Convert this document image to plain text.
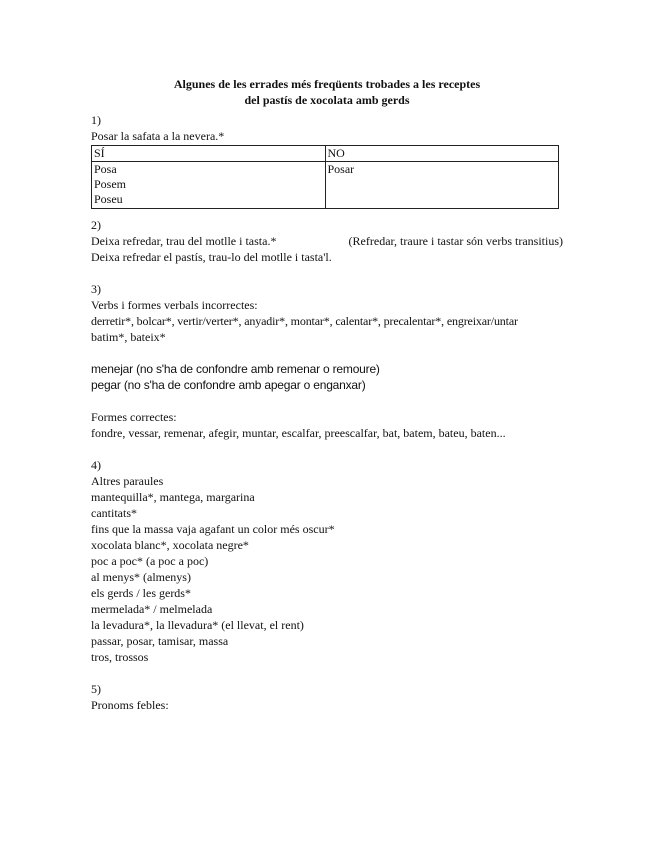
Algunes de les errades més freqüents trobades a les receptes
del pastís de xocolata amb gerds

1)

Posar la safata a la nevera.*

SÍ	NO

Posa
Posem
Poseu	Posar

2)

Deixa refredar, trau del motlle i tasta.*	(Refredar, traure i tastar són verbs transitius)

Deixa refredar el pastís, trau-lo del motlle i tasta'l.

3)

Verbs i formes verbals incorrectes:

derretir*, bolcar*, vertir/verter*, anyadir*, montar*, calentar*, precalentar*, engreixar/untar

batim*, bateix*

menejar (no s'ha de confondre amb remenar o remoure)

pegar (no s'ha de confondre amb apegar o enganxar)

Formes correctes:

fondre, vessar, remenar, afegir, muntar, escalfar, preescalfar, bat, batem, bateu, baten...

4)

Altres paraules

mantequilla*, mantega, margarina

cantitats*

fins que la massa vaja agafant un color més oscur*

xocolata blanc*, xocolata negre*

poc a poc* (a poc a poc)

al menys* (almenys)

els gerds / les gerds*

mermelada* / melmelada

la levadura*, la llevadura* (el llevat, el rent)

passar, posar, tamisar, massa

tros, trossos

5)

Pronoms febles:
